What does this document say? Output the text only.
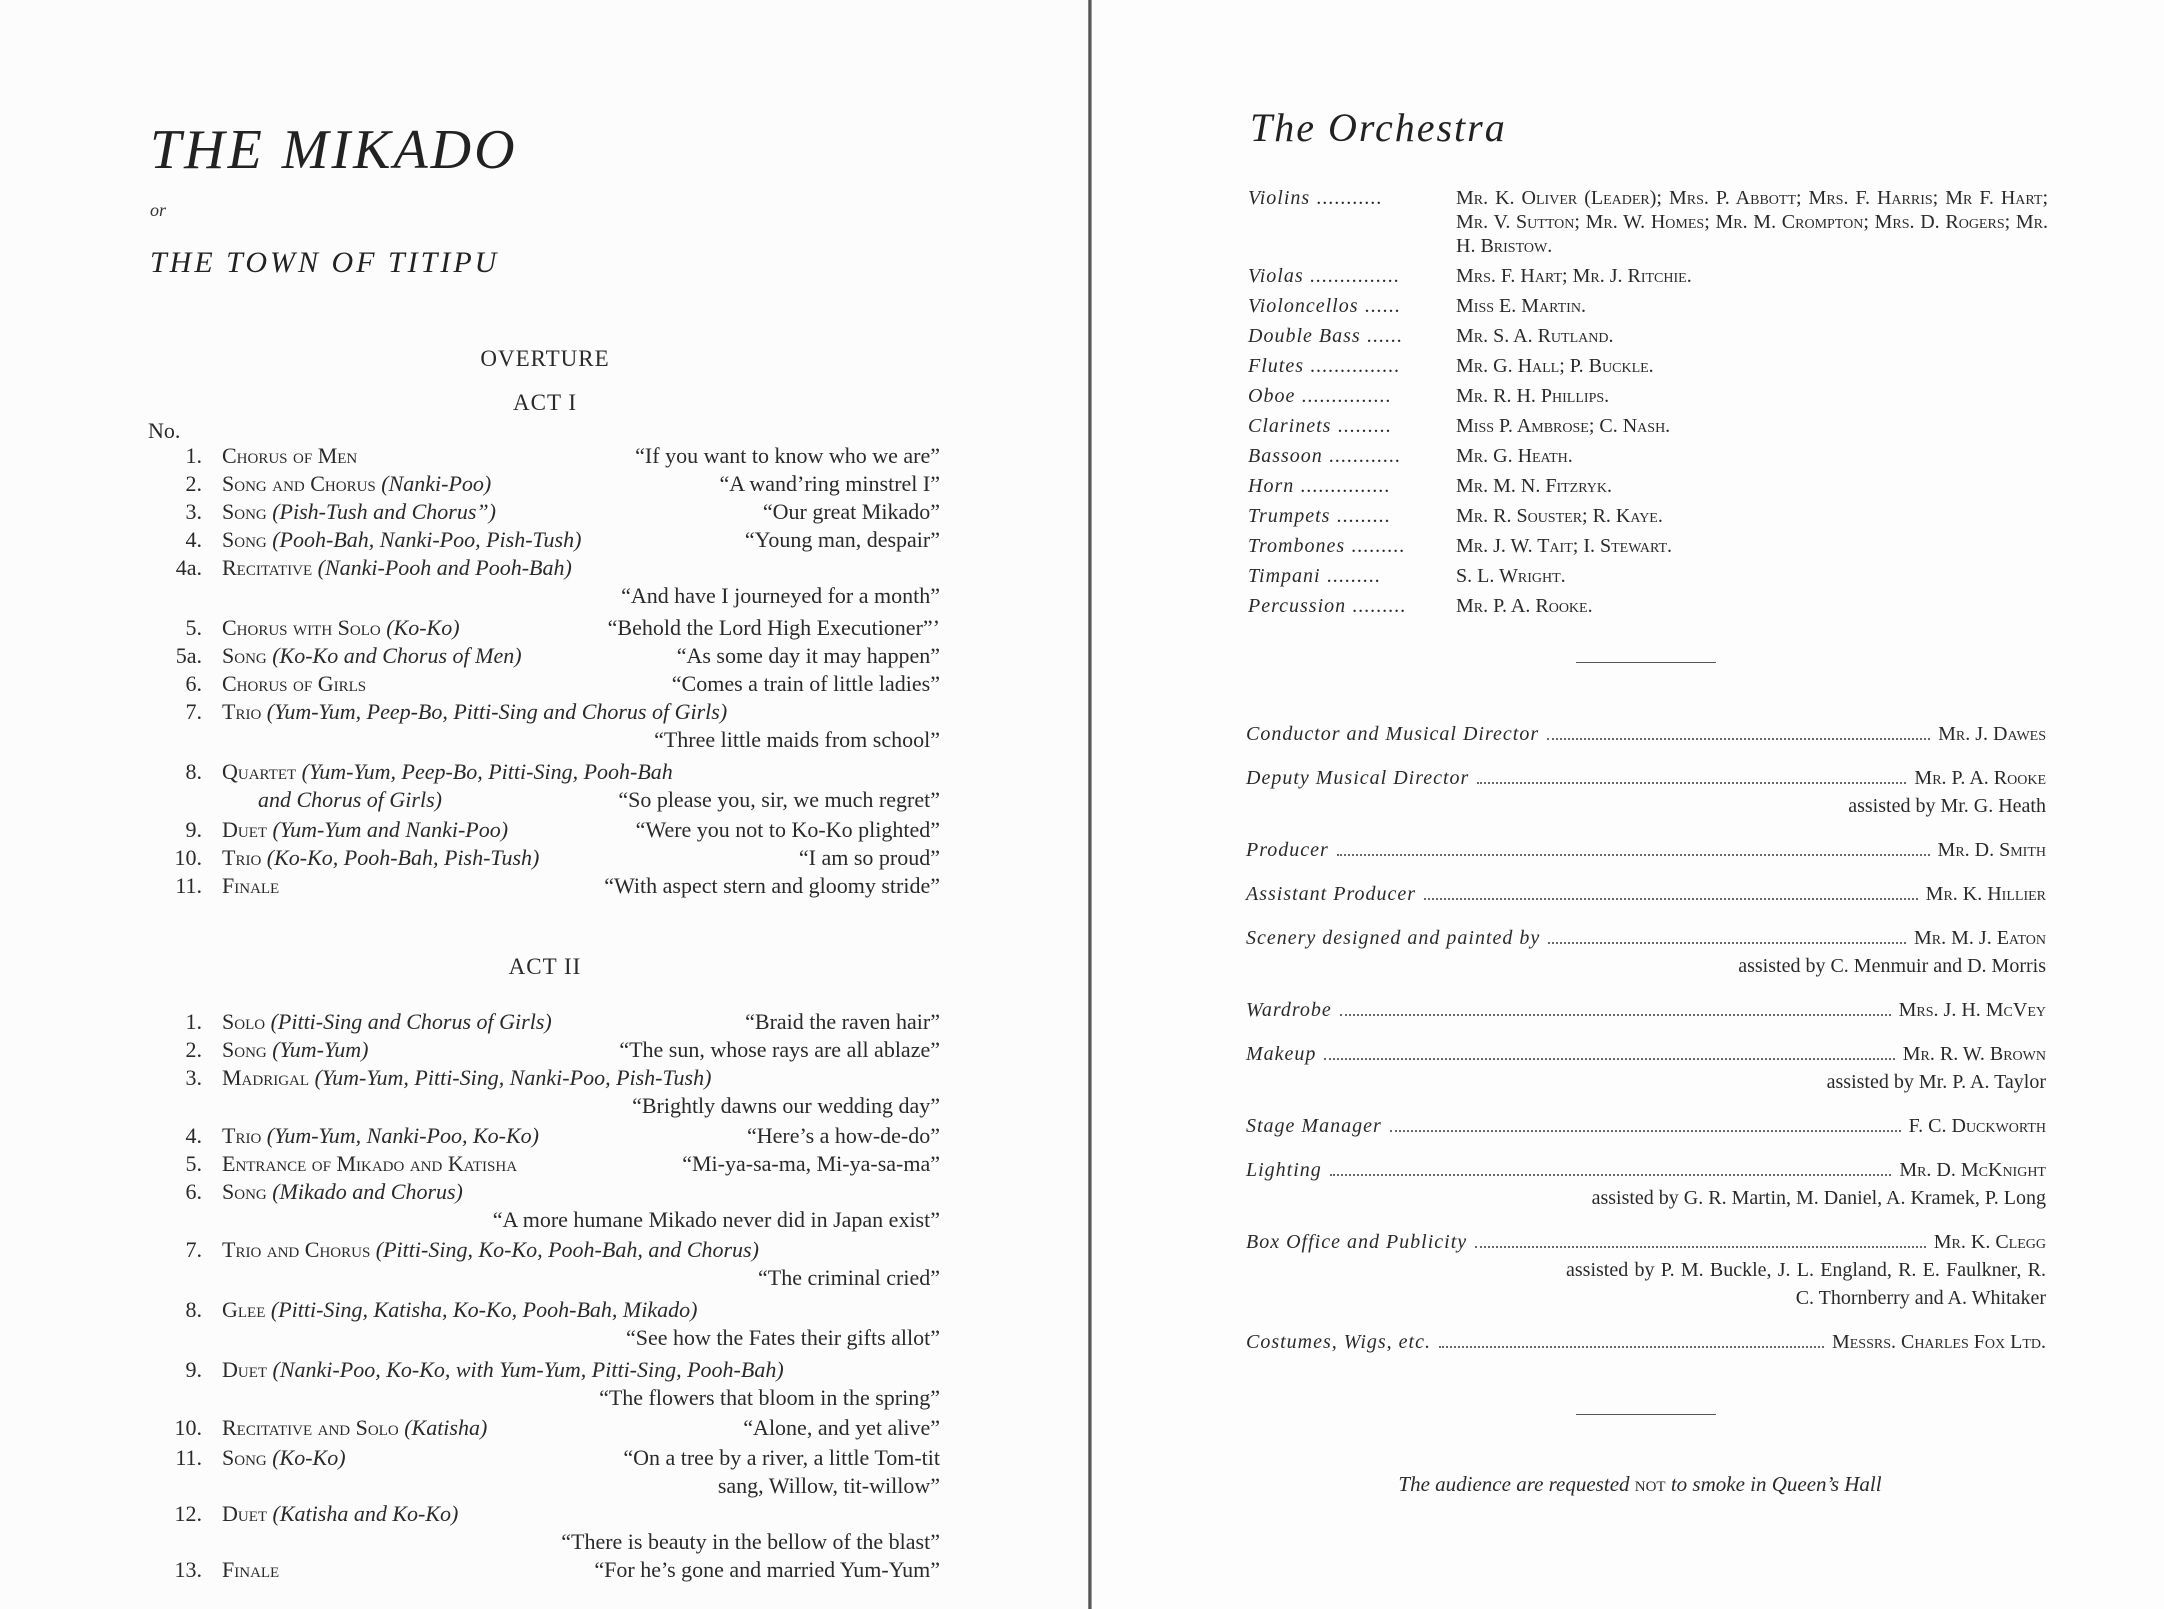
THE MIKADO
or
THE TOWN OF TITIPU
OVERTURE
ACT I
No.
1. Chorus of Men	“If you want to know who we are”
2. Song and Chorus (Nanki-Poo)	“A wand’ring minstrel I”
3. Song (Pish-Tush and Chorus”)	“Our great Mikado”
4. Song (Pooh-Bah, Nanki-Poo, Pish-Tush)	“Young man, despair”
4a. Recitative (Nanki-Pooh and Pooh-Bah)
“And have I journeyed for a month”
5. Chorus with Solo (Ko-Ko)	“Behold the Lord High Executioner”’
5a. Song (Ko-Ko and Chorus of Men)	“As some day it may happen”
6. Chorus of Girls	“Comes a train of little ladies”
7. Trio (Yum-Yum, Peep-Bo, Pitti-Sing and Chorus of Girls)
“Three little maids from school”
8. Quartet (Yum-Yum, Peep-Bo, Pitti-Sing, Pooh-Bah
and Chorus of Girls)	“So please you, sir, we much regret”
9. Duet (Yum-Yum and Nanki-Poo)	“Were you not to Ko-Ko plighted”
10. Trio (Ko-Ko, Pooh-Bah, Pish-Tush)	“I am so proud”
11. Finale	“With aspect stern and gloomy stride”
ACT II
1. Solo (Pitti-Sing and Chorus of Girls)	“Braid the raven hair”
2. Song (Yum-Yum)	“The sun, whose rays are all ablaze”
3. Madrigal (Yum-Yum, Pitti-Sing, Nanki-Poo, Pish-Tush)
“Brightly dawns our wedding day”
4. Trio (Yum-Yum, Nanki-Poo, Ko-Ko)	“Here’s a how-de-do”
5. Entrance of Mikado and Katisha	“Mi-ya-sa-ma, Mi-ya-sa-ma”
6. Song (Mikado and Chorus)
“A more humane Mikado never did in Japan exist”
7. Trio and Chorus (Pitti-Sing, Ko-Ko, Pooh-Bah, and Chorus)
“The criminal cried”
8. Glee (Pitti-Sing, Katisha, Ko-Ko, Pooh-Bah, Mikado)
“See how the Fates their gifts allot”
9. Duet (Nanki-Poo, Ko-Ko, with Yum-Yum, Pitti-Sing, Pooh-Bah)
“The flowers that bloom in the spring”
10. Recitative and Solo (Katisha)	“Alone, and yet alive”
11. Song (Ko-Ko)	“On a tree by a river, a little Tom-tit
sang, Willow, tit-willow”
12. Duet (Katisha and Ko-Ko)
“There is beauty in the bellow of the blast”
13. Finale	“For he’s gone and married Yum-Yum”
The Orchestra
Violins ...........	Mr. K. Oliver (Leader); Mrs. P. Abbott; Mrs. F. Harris; Mr F. Hart; Mr. V. Sutton; Mr. W. Homes; Mr. M. Crompton; Mrs. D. Rogers; Mr. H. Bristow.
Violas ...............	Mrs. F. Hart; Mr. J. Ritchie.
Violoncellos ......	Miss E. Martin.
Double Bass ......	Mr. S. A. Rutland.
Flutes ...............	Mr. G. Hall; P. Buckle.
Oboe ...............	Mr. R. H. Phillips.
Clarinets .........	Miss P. Ambrose; C. Nash.
Bassoon ............	Mr. G. Heath.
Horn ...............	Mr. M. N. Fitzryk.
Trumpets .........	Mr. R. Souster; R. Kaye.
Trombones .........	Mr. J. W. Tait; I. Stewart.
Timpani .........	S. L. Wright.
Percussion .........	Mr. P. A. Rooke.
Conductor and Musical Director	Mr. J. Dawes
Deputy Musical Director	Mr. P. A. Rooke
assisted by Mr. G. Heath
Producer	Mr. D. Smith
Assistant Producer	Mr. K. Hillier
Scenery designed and painted by	Mr. M. J. Eaton
assisted by C. Menmuir and D. Morris
Wardrobe	Mrs. J. H. McVey
Makeup	Mr. R. W. Brown
assisted by Mr. P. A. Taylor
Stage Manager	F. C. Duckworth
Lighting	Mr. D. McKnight
assisted by G. R. Martin, M. Daniel, A. Kramek, P. Long
Box Office and Publicity	Mr. K. Clegg
assisted by P. M. Buckle, J. L. England, R. E. Faulkner, R. C. Thornberry and A. Whitaker
Costumes, Wigs, etc.	Messrs. Charles Fox Ltd.
The audience are requested not to smoke in Queen’s Hall
